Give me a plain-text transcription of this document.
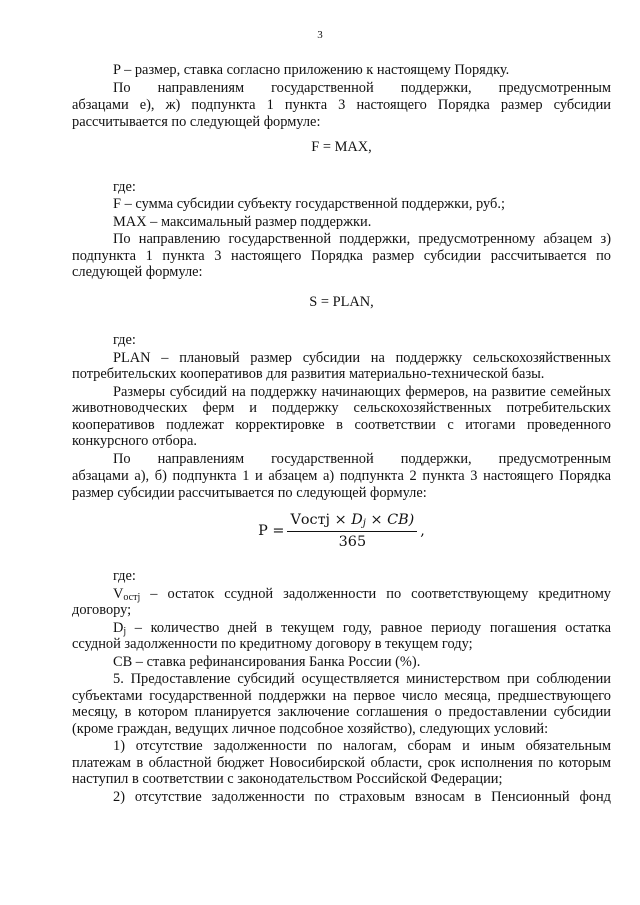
3

P – размер, ставка согласно приложению к настоящему Порядку.

По направлениям государственной поддержки, предусмотренным

абзацами е), ж) подпункта 1 пункта 3 настоящего Порядка размер субсидии рассчитывается по следующей формуле:

F = MAX,

где:

F – сумма субсидии субъекту государственной поддержки, руб.;

MAX – максимальный размер поддержки.

По направлению государственной поддержки, предусмотренному абзацем з) подпункта 1 пункта 3 настоящего Порядка размер субсидии рассчитывается по следующей формуле:

S = PLAN,

где:

PLAN – плановый размер субсидии на поддержку сельскохозяйственных потребительских кооперативов для развития материально-технической базы.

Размеры субсидий на поддержку начинающих фермеров, на развитие семейных животноводческих ферм и поддержку сельскохозяйственных потребительских кооперативов подлежат корректировке в соответствии с итогами проведенного конкурсного отбора.

По направлениям государственной поддержки, предусмотренным

абзацами а), б) подпункта 1 и абзацем а) подпункта 2 пункта 3 настоящего Порядка размер субсидии рассчитывается по следующей формуле:

$P = \frac{Vостj \times D_j \times CB)}{365}$ ,

где:

$V_{остj}$ – остаток ссудной задолженности по соответствующему кредитному договору;

$D_j$ – количество дней в текущем году, равное периоду погашения остатка ссудной задолженности по кредитному договору в текущем году;

CB – ставка рефинансирования Банка России (%).

5. Предоставление субсидий осуществляется министерством при соблюдении субъектами государственной поддержки на первое число месяца, предшествующего месяцу, в котором планируется заключение соглашения о предоставлении субсидии (кроме граждан, ведущих личное подсобное хозяйство), следующих условий:

1) отсутствие задолженности по налогам, сборам и иным обязательным платежам в областной бюджет Новосибирской области, срок исполнения по которым наступил в соответствии с законодательством Российской Федерации;

2) отсутствие задолженности по страховым взносам в Пенсионный фонд
